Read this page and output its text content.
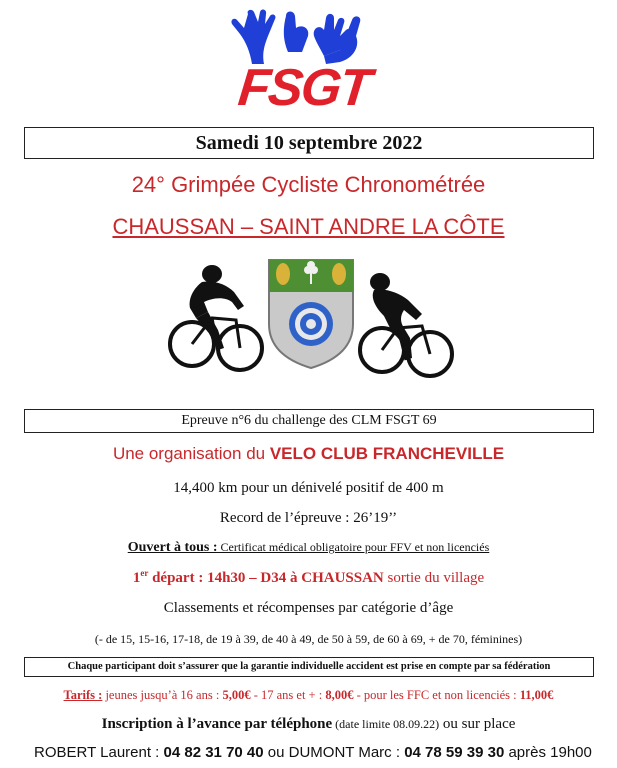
FSGT
Samedi 10 septembre 2022
24° Grimpée Cycliste Chronométrée
CHAUSSAN – SAINT ANDRE LA CÔTE
Epreuve n°6 du challenge des CLM FSGT 69
Une organisation du VELO CLUB FRANCHEVILLE
14,400 km pour un dénivelé positif de 400 m
Record de l’épreuve : 26’19’’
Ouvert à tous : Certificat médical obligatoire pour FFV et non licenciés
1er départ : 14h30 – D34 à CHAUSSAN sortie du village
Classements et récompenses par catégorie d’âge
(- de 15, 15-16, 17-18, de 19 à 39, de 40 à 49, de 50 à 59, de 60 à 69, + de 70, féminines)
Chaque participant doit s’assurer que la garantie individuelle accident est prise en compte par sa fédération
Tarifs : jeunes jusqu’à 16 ans : 5,00€ - 17 ans et + : 8,00€ - pour les FFC et non licenciés : 11,00€
Inscription à l’avance par téléphone (date limite 08.09.22) ou sur place
ROBERT Laurent : 04 82 31 70 40 ou DUMONT Marc : 04 78 59 39 30 après 19h00
